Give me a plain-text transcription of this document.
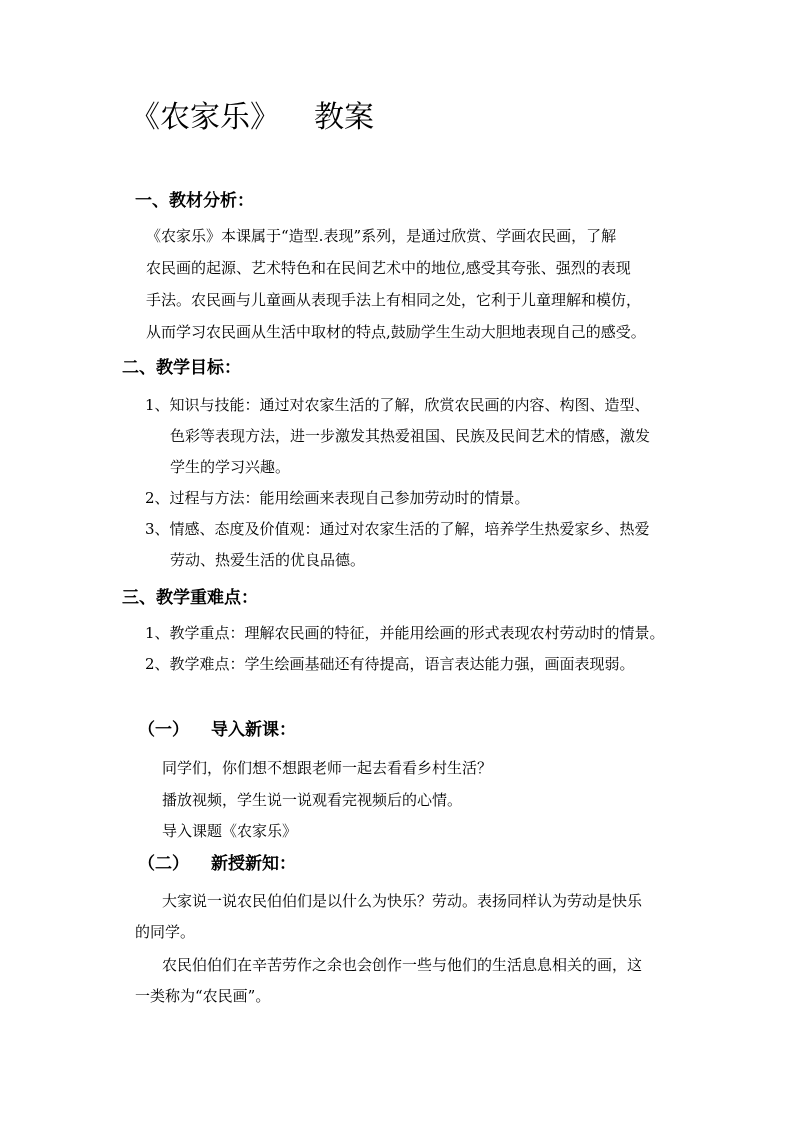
《农家乐》 教案
一、教材分析：
《农家乐》本课属于“造型.表现”系列，是通过欣赏、学画农民画，了解
农民画的起源、艺术特色和在民间艺术中的地位,感受其夸张、强烈的表现
手法。农民画与儿童画从表现手法上有相同之处，它利于儿童理解和模仿，
从而学习农民画从生活中取材的特点,鼓励学生生动大胆地表现自己的感受。
二、教学目标：
1、知识与技能：通过对农家生活的了解，欣赏农民画的内容、构图、造型、
色彩等表现方法，进一步激发其热爱祖国、民族及民间艺术的情感，激发
学生的学习兴趣。
2、过程与方法：能用绘画来表现自己参加劳动时的情景。
3、情感、态度及价值观：通过对农家生活的了解，培养学生热爱家乡、热爱
劳动、热爱生活的优良品德。
三、教学重难点：
1、教学重点：理解农民画的特征，并能用绘画的形式表现农村劳动时的情景。
2、教学难点：学生绘画基础还有待提高，语言表达能力强，画面表现弱。
（一） 导入新课：
同学们，你们想不想跟老师一起去看看乡村生活？
播放视频，学生说一说观看完视频后的心情。
导入课题《农家乐》
（二） 新授新知：
大家说一说农民伯伯们是以什么为快乐？劳动。表扬同样认为劳动是快乐
的同学。
农民伯伯们在辛苦劳作之余也会创作一些与他们的生活息息相关的画，这
一类称为“农民画”。
